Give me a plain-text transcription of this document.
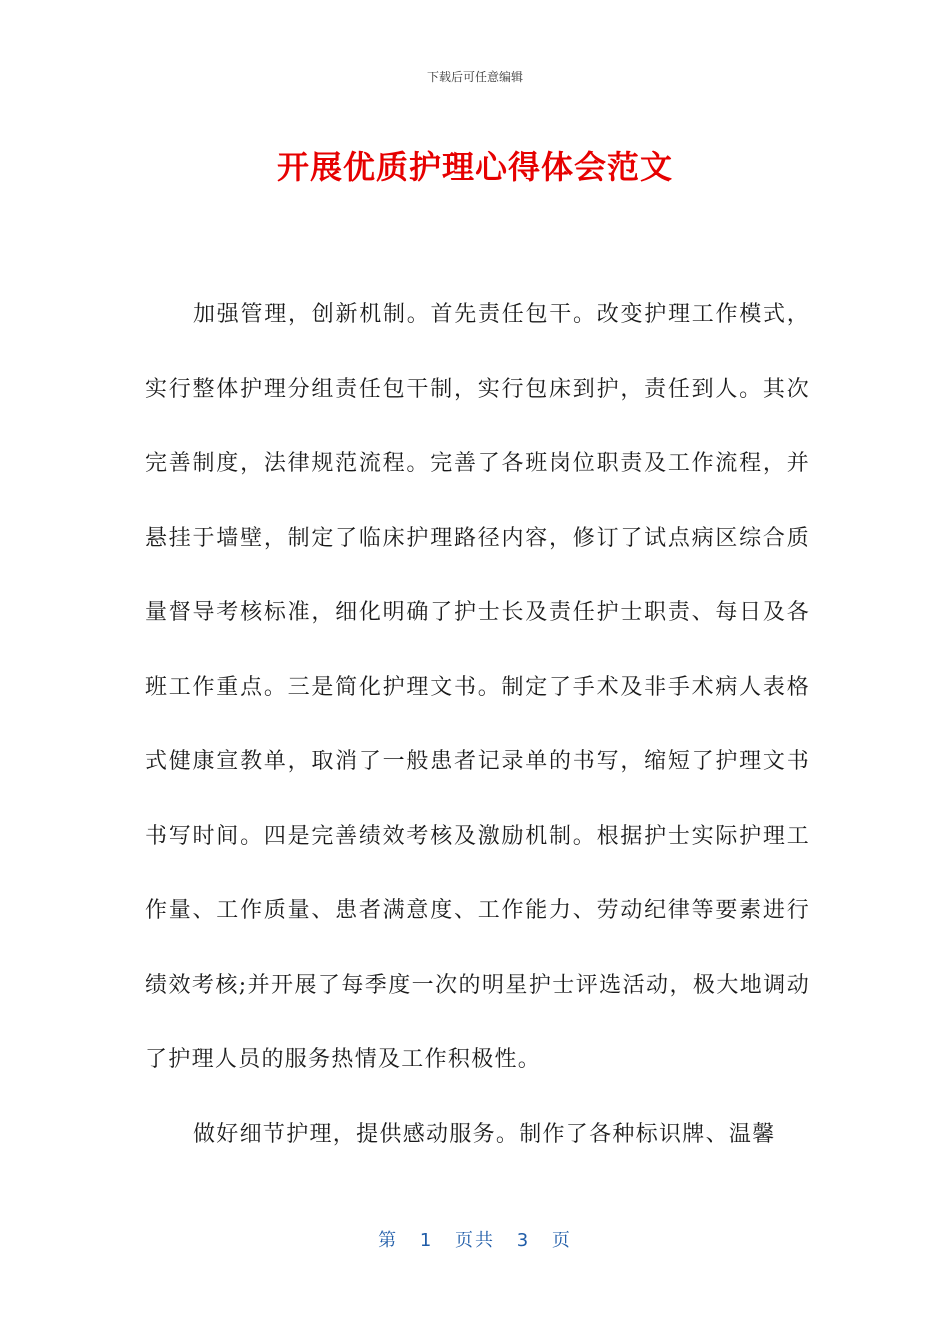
下载后可任意编辑
开展优质护理心得体会范文

加强管理，创新机制。首先责任包干。改变护理工作模式，实行整体护理分组责任包干制，实行包床到护，责任到人。其次完善制度，法律规范流程。完善了各班岗位职责及工作流程，并悬挂于墙壁，制定了临床护理路径内容，修订了试点病区综合质量督导考核标准，细化明确了护士长及责任护士职责、每日及各班工作重点。三是简化护理文书。制定了手术及非手术病人表格式健康宣教单，取消了一般患者记录单的书写，缩短了护理文书书写时间。四是完善绩效考核及激励机制。根据护士实际护理工作量、工作质量、患者满意度、工作能力、劳动纪律等要素进行绩效考核;并开展了每季度一次的明星护士评选活动，极大地调动了护理人员的服务热情及工作积极性。

做好细节护理，提供感动服务。制作了各种标识牌、温馨

第 1 页共 3 页
